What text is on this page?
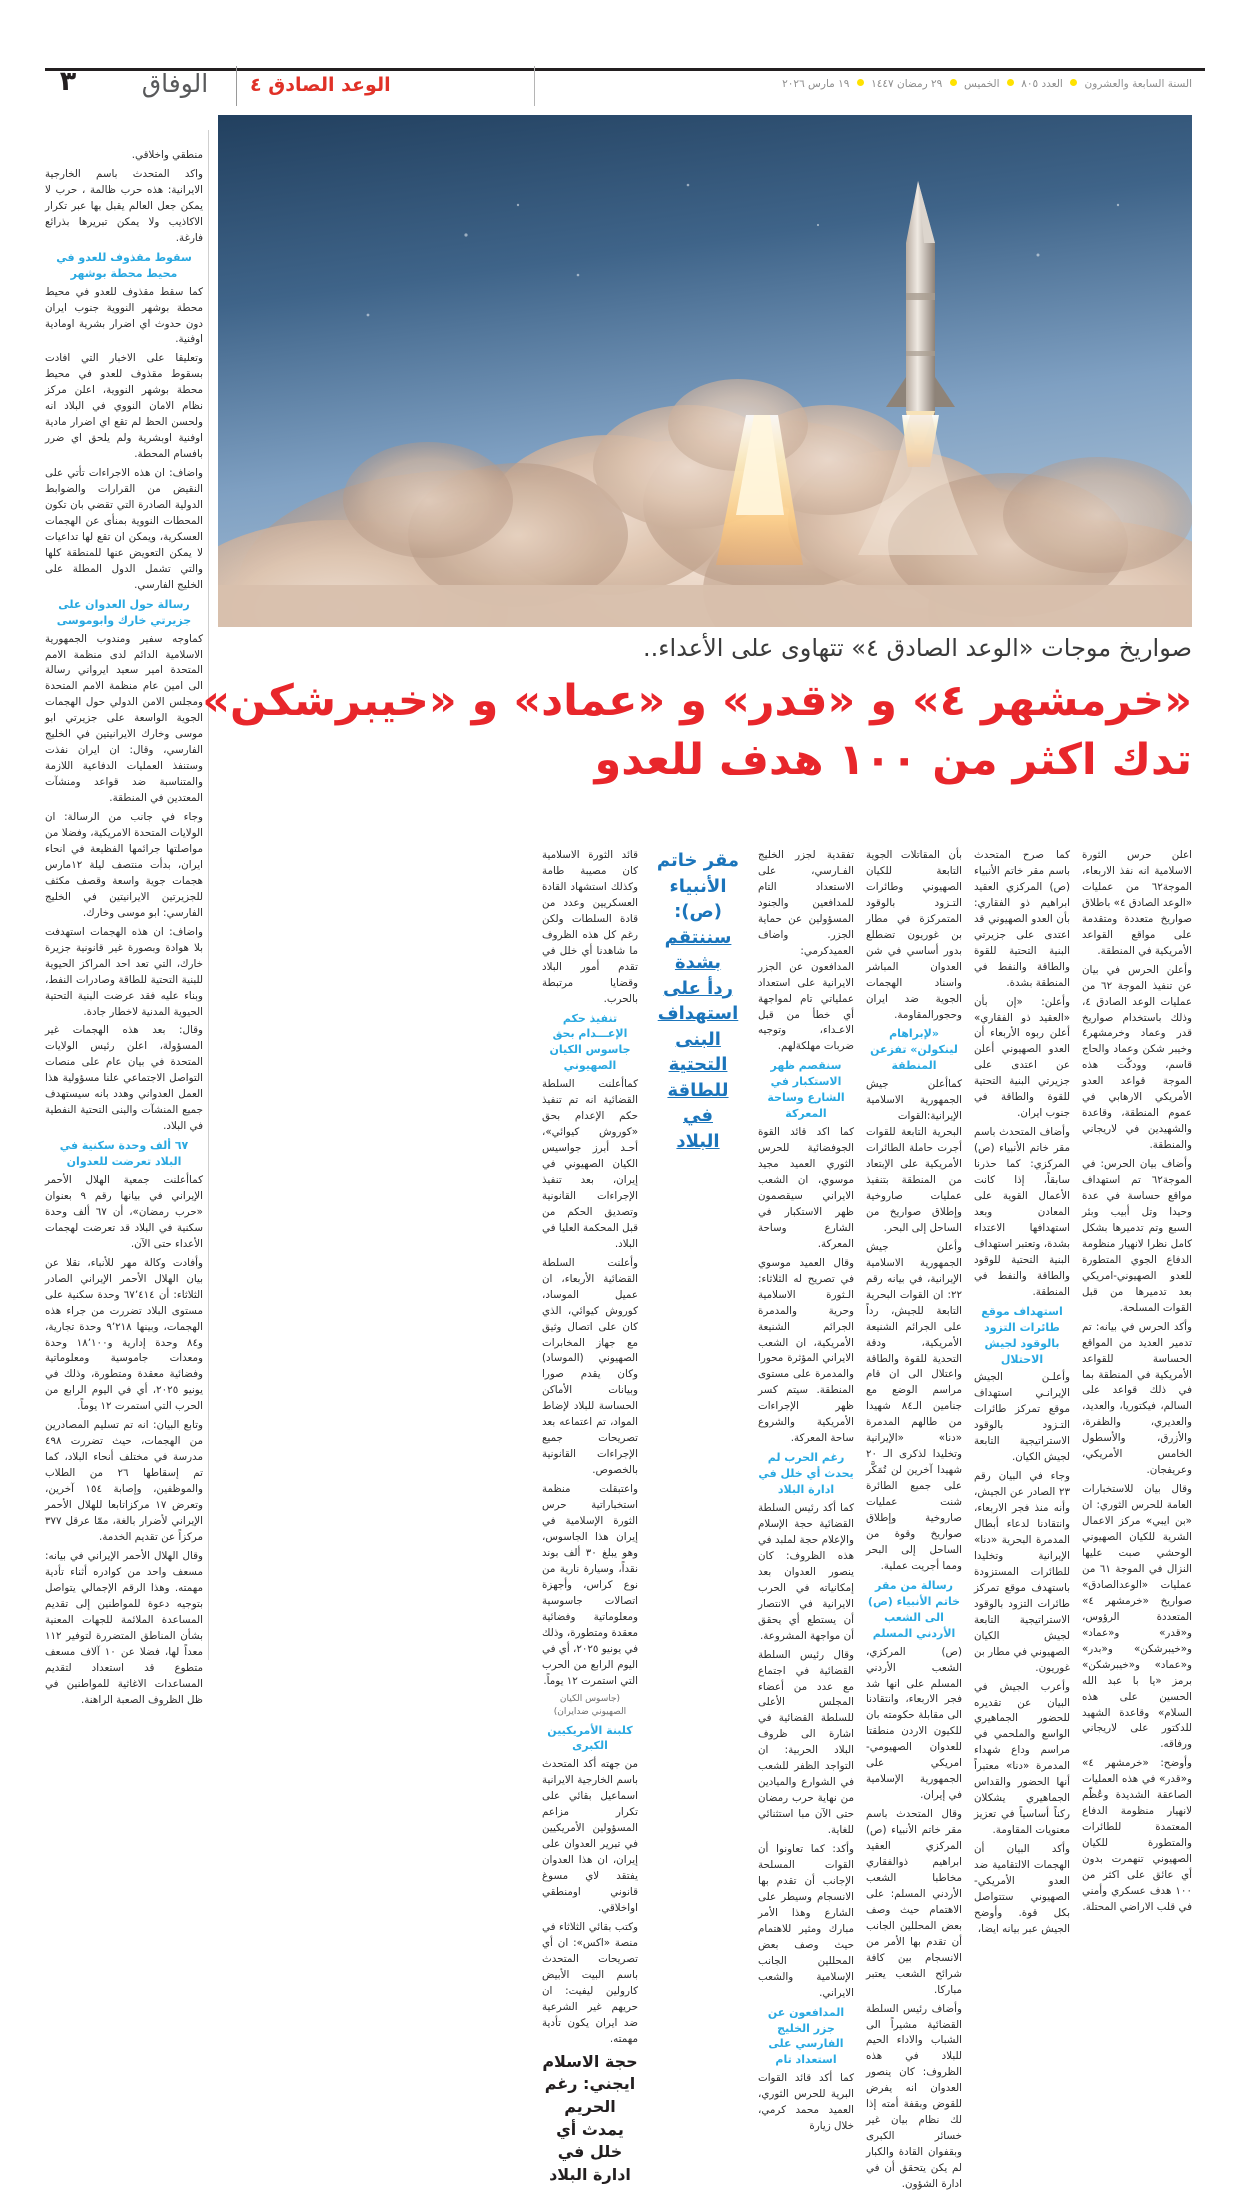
٣	الوفاق	الوعد الصادق ٤	السنة السابعة والعشرون  العدد ٨٠٥  الخميس  ٢٩ رمضان ١٤٤٧  ١٩ مارس ٢٠٢٦
صواريخ موجات «الوعد الصادق ٤» تتهاوى على الأعداء..
«خرمشهر ٤» و «قدر» و «عماد» و «خيبرشكن»
تدك اكثر من ١٠٠ هدف للعدو

منطقي واخلاقي.

واكد المتحدث باسم الخارجية الايرانية: هذه حرب ظالمة ، حرب لا يمكن جعل العالم يقبل بها عبر تكرار الاكاذيب ولا يمكن تبريرها بذرائع فارغة.

سقوط مقذوف للعدو في محيط محطة بوشهر

كما سقط مقذوف للعدو في محيط محطة بوشهر النووية جنوب ايران دون حدوث اي اضرار بشرية اومادية اوفنية.

وتعليقا على الاخبار التي افادت بسقوط مقذوف للعدو في محيط محطة بوشهر النووية، اعلن مركز نظام الامان النووي في البلاد انه ولحسن الحظ لم تقع اي اضرار مادية اوفنية اوبشرية ولم يلحق اي ضرر بافسام المحطة.

واضاف: ان هذه الاجراءات تأتي على النقيض من القرارات والضوابط الدولية الصادرة التي تقضي بان تكون المحطات النووية بمنأى عن الهجمات العسكرية، ويمكن ان تقع لها تداعيات لا يمكن التعويض عنها للمنطقة كلها والتي تشمل الدول المطلة على الخليج الفارسي.

رسالة حول العدوان على جزيرتي خارك وابوموسى

كماوجه سفير ومندوب الجمهورية الاسلامية الدائم لدى منظمة الامم المتحدة امير سعيد ايرواني رسالة الى امين عام منظمة الامم المتحدة ومجلس الامن الدولي حول الهجمات الجوية الواسعة على جزيرتي ابو موسى وخارك الايرانيتين في الخليج الفارسي، وقال: ان ايران نفذت وستنفذ العمليات الدفاعية اللازمة والمتناسبة ضد قواعد ومنشآت المعتدين في المنطقة.

وجاء في جانب من الرسالة: ان الولايات المتحدة الامريكية، وفضلا من مواصلتها جرائمها الفظيعة في انحاء ايران، بدأت منتصف ليلة ١٢مارس هجمات جوية واسعة وقصف مكثف للجزيرتين الايرانيتين في الخليج الفارسي: ابو موسى وخارك.

واضاف: ان هذه الهجمات استهدفت بلا هوادة وبصورة غير قانونية جزيرة خارك، التي تعد احد المراكز الحيوية للبنية التحتية للطاقة وصادرات النفط، وبناء عليه فقد عرضت البنية التحتية الحيوية المدنية لاخطار جادة.

وقال: بعد هذه الهجمات غير المسؤولة، اعلن رئيس الولايات المتحدة في بيان عام على منصات التواصل الاجتماعي علنا مسؤولية هذا العمل العدواني وهدد بانه سيستهدف جميع المنشآت والبنى التحتية النفطية في البلاد.

٦٧ ألف وحدة سكنية في البلاد تعرضت للعدوان

كماأعلنت جمعية الهلال الأحمر الإيراني في بيانها رقم ٩ بعنوان «حرب رمضان»، أن ٦٧ ألف وحدة سكنية في البلاد قد تعرضت لهجمات الأعداء حتى الآن.

وأفادت وكالة مهر للأنباء، نقلا عن بيان الهلال الأحمر الإيراني الصادر الثلاثاء: أن ٦٧٬٤١٤ وحدة سكنية على مستوى البلاد تضررت من جراء هذه الهجمات، وبينها ٩٬٢١٨ وحدة تجارية، و٨٤ وحدة إدارية و١٨٬١٠٠ وحدة ومعدات جاموسية ومعلوماتية وفضائية معقدة ومتطورة، وذلك في يونيو ٢٠٢٥، أي في اليوم الرابع من الحرب التي استمرت ١٢ يوماً.

وتابع البيان: انه تم تسليم المصادرين من الهجمات، حيث تضررت ٤٩٨ مدرسة في مختلف أنحاء البلاد، كما تم إسقاطها ٢٦ من الطلاب والموظفين، وإصابة ١٥٤ آخرين، وتعرض ١٧ مركزاتابعا للهلال الأحمر الإيراني لأضرار بالغة، ممّا عرقل ٣٧٧ مركزاً عن تقديم الخدمة.

وقال الهلال الأحمر الإيراني في بيانه: مسعف واحد من كوادره أثناء تأدية مهمته. وهذا الرقم الإجمالي يتواصل بتوجيه دعوة للمواطنين إلى تقديم المساعدة الملائمة للجهات المعنية بشأن المناطق المتضررة لتوفير ١١٢ معداً لها، فضلا عن ١٠ آلاف مسعف متطوع قد استعداد لتقديم المساعدات الاغاثية للمواطنين في ظل الظروف الصعبة الراهنة.

اعلن حرس الثورة الاسلامية انه نفذ الاربعاء، الموجة٦٢ من عمليات «الوعد الصادق ٤» باطلاق صواريخ متعددة ومتقدمة على مواقع القواعد الأمريكية في المنطقة.

وأعلن الحرس في بيان عن تنفيذ الموجة ٦٢ من عمليات الوعد الصادق ٤، وذلك باستخدام صواريخ قدر وعماد وخرمشهر٤ وخيبر شكن وعماد والحاج قاسم، وودكّت هذه الموجة قواعد العدو الأمريكي الارهابي في عموم المنطقة، وقاعدة والشهيدين في لاريجاني والمنطقة.

وأضاف بيان الحرس: في الموجة٦٢ تم استهداف مواقع حساسة في عدة وحيدا وتل أبيب وبئر السبع وتم تدميرها بشكل كامل نظرا لانهيار منظومة الدفاع الجوي المتطورة للعدو الصهيوني-امريكي بعد تدميرها من قبل القوات المسلحة.

وأكد الحرس في بيانه: تم تدمير العديد من المواقع الحساسة للقواعد الأمريكية في المنطقة بما في ذلك قواعد على السالم، فيكتوريا، والعديد، والعديري، والظفرة، والأزرق، والأسطول الخامس الأمريكي، وعريفجان.

وقال بيان للاستخبارات العامة للحرس الثوري: ان «بن ايبي» مركز الاعمال الشرية للكيان الصهيوني الوحشي صبت عليها النزال في الموجة ٦١ من عمليات «الوعدالصادق» صواريخ «خرمشهر ٤» المتعددة الرؤوس، و«قدر» و«عماد» و«خيبرشكن» و«بدر» و«عماد» و«خيبرشكن» برمز «يا با عبد الله الحسين على هذه السلام» وقاعدة الشهيد للدكتور على لاريجاني ورفاقه.

وأوضح: «خرمشهر ٤» و«قدر» في هذه العمليات الصاعقة الشديدة وعُظّم لانهيار منظومة الدفاع المعتمدة للطائرات والمتطورة للكيان الصهيوني تنهمرت بدون أي عائق على اكثر من ١٠٠ هدف عسكري وأمني في قلب الاراضي المحتلة.

كما صرح المتحدث باسم مقر خاتم الأنبياء (ص) المركزي العقيد ابراهيم ذو الفقاري: بأن العدو الصهيوني قد اعتدى على جزيرتي البنية التحتية للقوة والطاقة والنفط في المنطقة بشدة.

وأعلن: «إن بأن «العقيد ذو الفقاري» أعلن ربوه الأربعاء أن العدو الصهيوني أعلن عن اعتدى على جزيرتي البنية التحتية للقوة والطاقة في جنوب ايران.

وأضاف المتحدث باسم مقر خاتم الأنبياء (ص) المركزي: كما حذرنا سابقاً، إذا كانت الأعمال القوية على المعادن وبعد استهدافها الاعتداء بشدة، وتعتبر استهداف البنية التحتية للوقود والطاقة والنفط في المنطقة.

استهداف موقع طائرات التزود بالوقود لجيش الاحتلال

وأعلـن الجيش الإيرانـي استهداف موقع تمركز طائرات التـزود بالوقود الاستراتيجية التابعة لجيش الكيان.

وجاء في البيان رقم ٢٣ الصادر عن الجيش، وأنه منذ فجر الاربعاء، وانتقادنا لدعاء أبطال المدمرة البحرية «دنا» الإيرانية وتخليدا للطائرات المستزودة باستهدف موقع تمركز طائرات التزود بالوقود الاستراتيجية التابعة لجيش الكيان الصهيوني في مطار بن غوريون.

وأعرب الجيش في البيان عن تقديره للحضور الجماهيري الواسع والملحمي في مراسم وداع شهداء المدمرة «دنا» معتبراً أنها الحضور والقداس الجماهيري يشكلان ركناً أساسياً في تعزيز معنويات المقاومة.

وأكد البيان أن الهجمات الالتقامية ضد العدو الأمريكي-الصهيوني ستتواصل بكل قوة. وأوضح الجيش عبر بيانه ايضا،

بأن المقاتلات الجوية التابعة للكيان الصهيوني وطائرات التـزود بالوقود المتمركزة في مطار بن غوريون تضطلع بدور أساسي في شن العدوان المباشر واسناد الهجمات الجوية ضد ايران وحجورالمقاومة.

«لإبراهام لينكولن» تفزعن المنطقة

كماأعلن جيش الجمهورية الاسلامية الإيرانية:القوات البحرية التابعة للقوات أجرت حاملة الطائرات الأمريكية على الإبتعاد من المنطقة بتنفيذ عمليات صاروخية وإطلاق صواريخ من الساحل إلى البحر.

وأعلن جيش الجمهورية الاسلامية الإيرانية، في بيانه رقم ٢٢: ان القوات البحرية التابعة للجيش، رداً على الجرائم الشنيعة الأمريكية، ودقة التحدية للقوة والطاقة واعتلال الى ان قام مراسم الوضع مع جنامين الـ٨٤ شهيدا من طالهم المدمرة «دنا» «الإيرانية وتخليدا لذكرى الـ ٢٠ شهيدا آخرين لن تُمَكَّر على جميع الطائرة شنت عمليات صاروخية وإطلاق صواريخ وقوة من الساحل إلى البحر ومما أجريت عملية.

رسالة من مقر خاتم الأنبياء (ص) الى الشعب الأردني المسلم

(ص) المركزي، الشعب الأردني المسلم على انها شد فجر الاربعاء، وانتقادنا الى مقابلة حكومته بان للكيون الاردن منطقتا للعدوان الصهيومي-امريكي على الجمهورية الإسلامية في إيران.

وقال المتحدث باسم مقر خاتم الأنبياء (ص) المركزي العقيد ابراهيم ذوالفقاري مخاطبا الشعب الأردني المسلم: على الاهتمام حيث وصف بعض المحللين الجانب أن تقدم بها الأمر من الانسجام بين كافة شرائح الشعب يعتبر مباركا.

وأضاف رئيس السلطة القضائية مشيراً الى الشباب والاداء الحيم للبلاد في هذه الظروف: كان ينصور العدوان انه يفرض للقوض وبقفة أمته إذا لك نظام بيان غير خسائر الكبرى وبقفوان القادة والكبار لم يكن يتحقق أن في ادارة الشؤون.

تفقدية لجزر الخليج الفـارسي، على الاستعداد التام للمدافعين والجنود المسؤولين عن حماية الجزر. واضاف العميدكرمي: المدافعون عن الجزر الايرانية على استعداد عملياتي تام لمواجهة أي خطأ من قبل الاعـداء، وتوجيه ضربات مهلكةلهم.

سنقصم ظهر الاستكبار في الشارع وساحة المعركة

كما اكد قائد القوة الجوفضائية للحرس الثوري العميد مجيد موسوي، ان الشعب الايراني سيقصمون ظهر الاستكبار في الشارع وساحة المعركة.

وقال العميد موسوي في تصريح له الثلاثاء: الـثورة الاسلامية وحرية والمدمرة الجرائم الشنيعة الأمريكية، ان الشعب الايراني المؤثرة محورا والمدمرة على مستوى المنطقة. سيتم كسر ظهر الإجراءات الأمريكية والشروع ساحة المعركة.

رغم الحرب لم يحدث أي خلل في ادارة البلاد

كما أكد رئيس السلطة القضائية حجة الإسلام والإعلام حجة لملبد في هذه الظروف: كان ينصور العدوان بعد إمكانياته في الحرب الايرانية في الانتصار أن يستطع أي يحقق أن مواجهة المشروعة.

وقال رئيس السلطة القضائية في اجتماع مع عدد من أعضاء المجلس الأعلى للسلطة القضائية في اشارة الى ظروف البلاد الحربية: ان التواجد الظفر للشعب في الشوارع والميادين من نهاية حرب رمضان حتى الآن مبا استثنائي للغاية.

وأكد: كما تعاونوا أن القوات المسلحة الإجانب أن تقدم بها الانسجام وسيطر على الشارع وهذا الأمر مبارك ومثير للاهتمام حيث وصف بعض المحللين الجانب الإسلامية والشعب الايراني.

المدافعون عن جزر الخليج الفارسي على استعداد تام

كما أكد قائد القوات البرية للحرس الثوري، العميد محمد كرمي، خلال زيارة

مقر خاتم
الأنبياء (ص):
سننتقم بشدة
ردأ على
استهداف
البنى التحتية
للطاقة في
البلاد

قائد الثورة الاسلامية كان مصيبة طامة وكذلك استشهاد القادة العسكريين وعدد من قادة السلطات ولكن رغم كل هذه الظروف ما شاهدنا أي خلل في تقدم أمور البلاد وقضايا مرتبطة بالحرب.

تنفيذ حكم الإعـــدام بحق جاسوس الكيان الصهيوني

كماأعلنت السلطة القضائية انه تم تنفيذ حكم الإعدام بحق «كوروش كيوائي»، أحـد أبرز جواسيس الكيان الصهيوني في إيران، بعد تنفيذ الإجراءات القانونية وتصديق الحكم من قبل المحكمة العليا في البلاد.

وأعلنت السلطة القضائية الأربعاء، ان عميل الموساد، كوروش كيوائي، الذي كان على اتصال وثيق مع جهاز المخابرات الصهيوني (الموساد) وكان يقدم صورا وبيانات الأماكن الحساسة للبلاد لإضاط المواد، تم اعتماعه بعد تصريحات جميع الإجراءات القانونية بالخصوص.

واعتبقلت منظمة استخباراتية حرس الثورة الإسلامية في إيران هذا الجاسوس، وهو يبلغ ٣٠ ألف بوند نقداً، وسيارة نارية من نوع كراس، وأجهزة اتصالات جاسوسية ومعلوماتية وفضائية معقدة ومتطورة، وذلك في يونيو ٢٠٢٥، أي في اليوم الرابع من الحرب التي استمرت ١٢ يوماً.

(جاسوس الكيان الصهيوني ضدايران)

كلبنة الأمريكيين الكبرى

من جهته أكد المتحدث باسم الخارجية الايرانية اسماعيل بقائي على تكرار مزاعم المسؤولين الأمريكيين في تبرير العدوان على إيران، ان هذا العدوان يفتقد لاي مسوغ قانوني اومنطقي اواخلاقي.

وكتب بقائي الثلاثاء في منصة «اكس»: ان أي تصريحات المتحدث باسم البيت الأبيض كارولين ليفيت: ان حريهم غير الشرعية ضد ايران يكون تأدية مهمته.

حجة الاسلام ايجني: رغم الحريم يمدث أي خلل في ادارة البلاد
